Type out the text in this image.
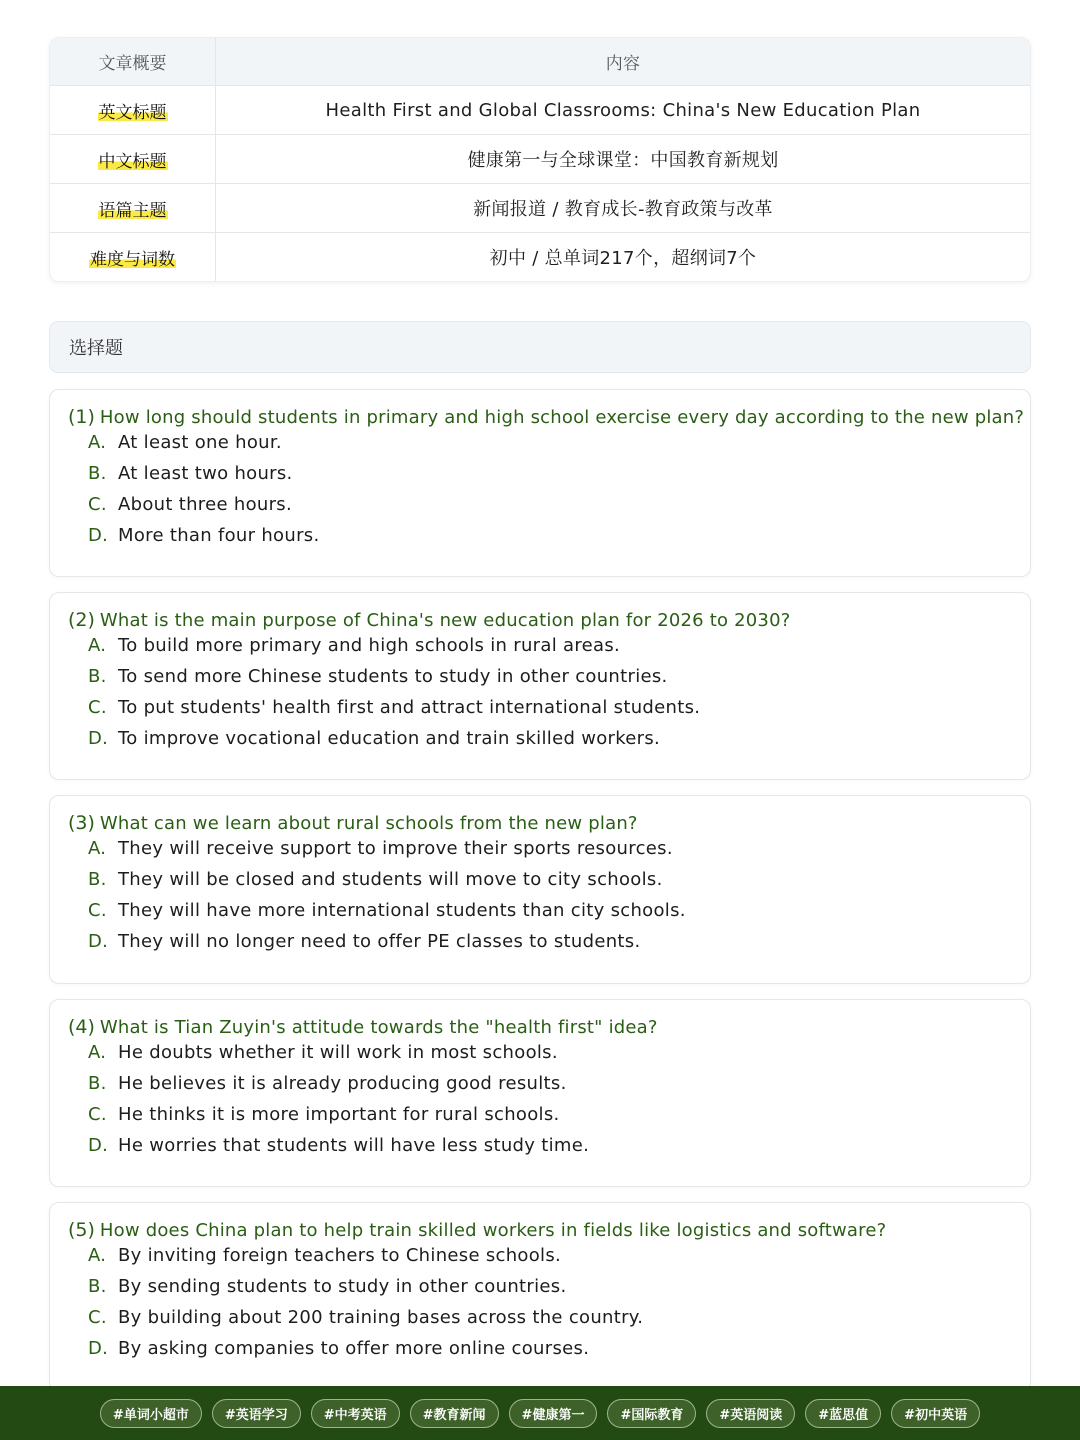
文章概要	内容
英文标题	Health First and Global Classrooms: China's New Education Plan
中文标题	健康第一与全球课堂：中国教育新规划
语篇主题	新闻报道 / 教育成长-教育政策与改革
难度与词数	初中 / 总单词217个，超纲词7个
选择题
(1) How long should students in primary and high school exercise every day according to the new plan?
A. At least one hour.
B. At least two hours.
C. About three hours.
D. More than four hours.
(2) What is the main purpose of China's new education plan for 2026 to 2030?
A. To build more primary and high schools in rural areas.
B. To send more Chinese students to study in other countries.
C. To put students' health first and attract international students.
D. To improve vocational education and train skilled workers.
(3) What can we learn about rural schools from the new plan?
A. They will receive support to improve their sports resources.
B. They will be closed and students will move to city schools.
C. They will have more international students than city schools.
D. They will no longer need to offer PE classes to students.
(4) What is Tian Zuyin's attitude towards the "health first" idea?
A. He doubts whether it will work in most schools.
B. He believes it is already producing good results.
C. He thinks it is more important for rural schools.
D. He worries that students will have less study time.
(5) How does China plan to help train skilled workers in fields like logistics and software?
A. By inviting foreign teachers to Chinese schools.
B. By sending students to study in other countries.
C. By building about 200 training bases across the country.
D. By asking companies to offer more online courses.
#单词小超市	#英语学习	#中考英语	#教育新闻	#健康第一	#国际教育	#英语阅读	#蓝思值	#初中英语
